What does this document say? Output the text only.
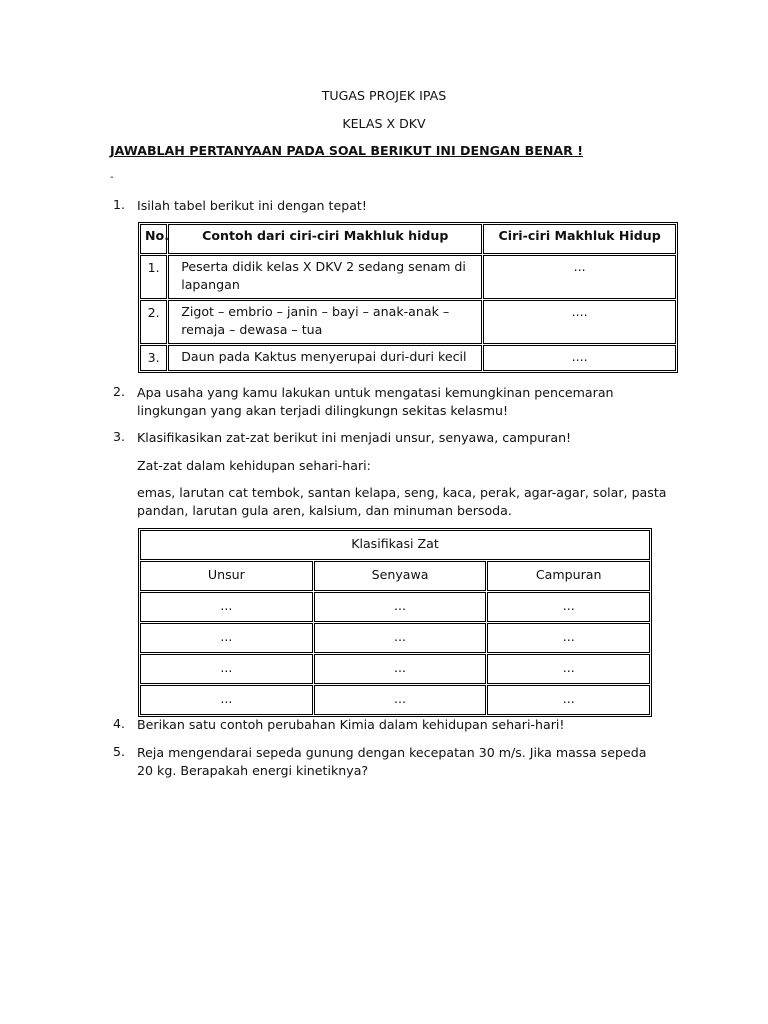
TUGAS PROJEK IPAS
KELAS X DKV
JAWABLAH PERTANYAAN PADA SOAL BERIKUT INI DENGAN BENAR !
-
1. Isilah tabel berikut ini dengan tepat!
No.	Contoh dari ciri-ciri Makhluk hidup	Ciri-ciri Makhluk Hidup
1.	Peserta didik kelas X DKV 2 sedang senam di lapangan	...
2.	Zigot – embrio – janin – bayi – anak-anak – remaja – dewasa – tua	....
3.	Daun pada Kaktus menyerupai duri-duri kecil	....
2. Apa usaha yang kamu lakukan untuk mengatasi kemungkinan pencemaran lingkungan yang akan terjadi dilingkungn sekitas kelasmu!
3. Klasifikasikan zat-zat berikut ini menjadi unsur, senyawa, campuran!
Zat-zat dalam kehidupan sehari-hari:
emas, larutan cat tembok, santan kelapa, seng, kaca, perak, agar-agar, solar, pasta pandan, larutan gula aren, kalsium, dan minuman bersoda.
Klasifikasi Zat		
Unsur	Senyawa	Campuran
...	...	...
...	...	...
...	...	...
...	...	...
4. Berikan satu contoh perubahan Kimia dalam kehidupan sehari-hari!
5. Reja mengendarai sepeda gunung dengan kecepatan 30 m/s. Jika massa sepeda 20 kg. Berapakah energi kinetiknya?
